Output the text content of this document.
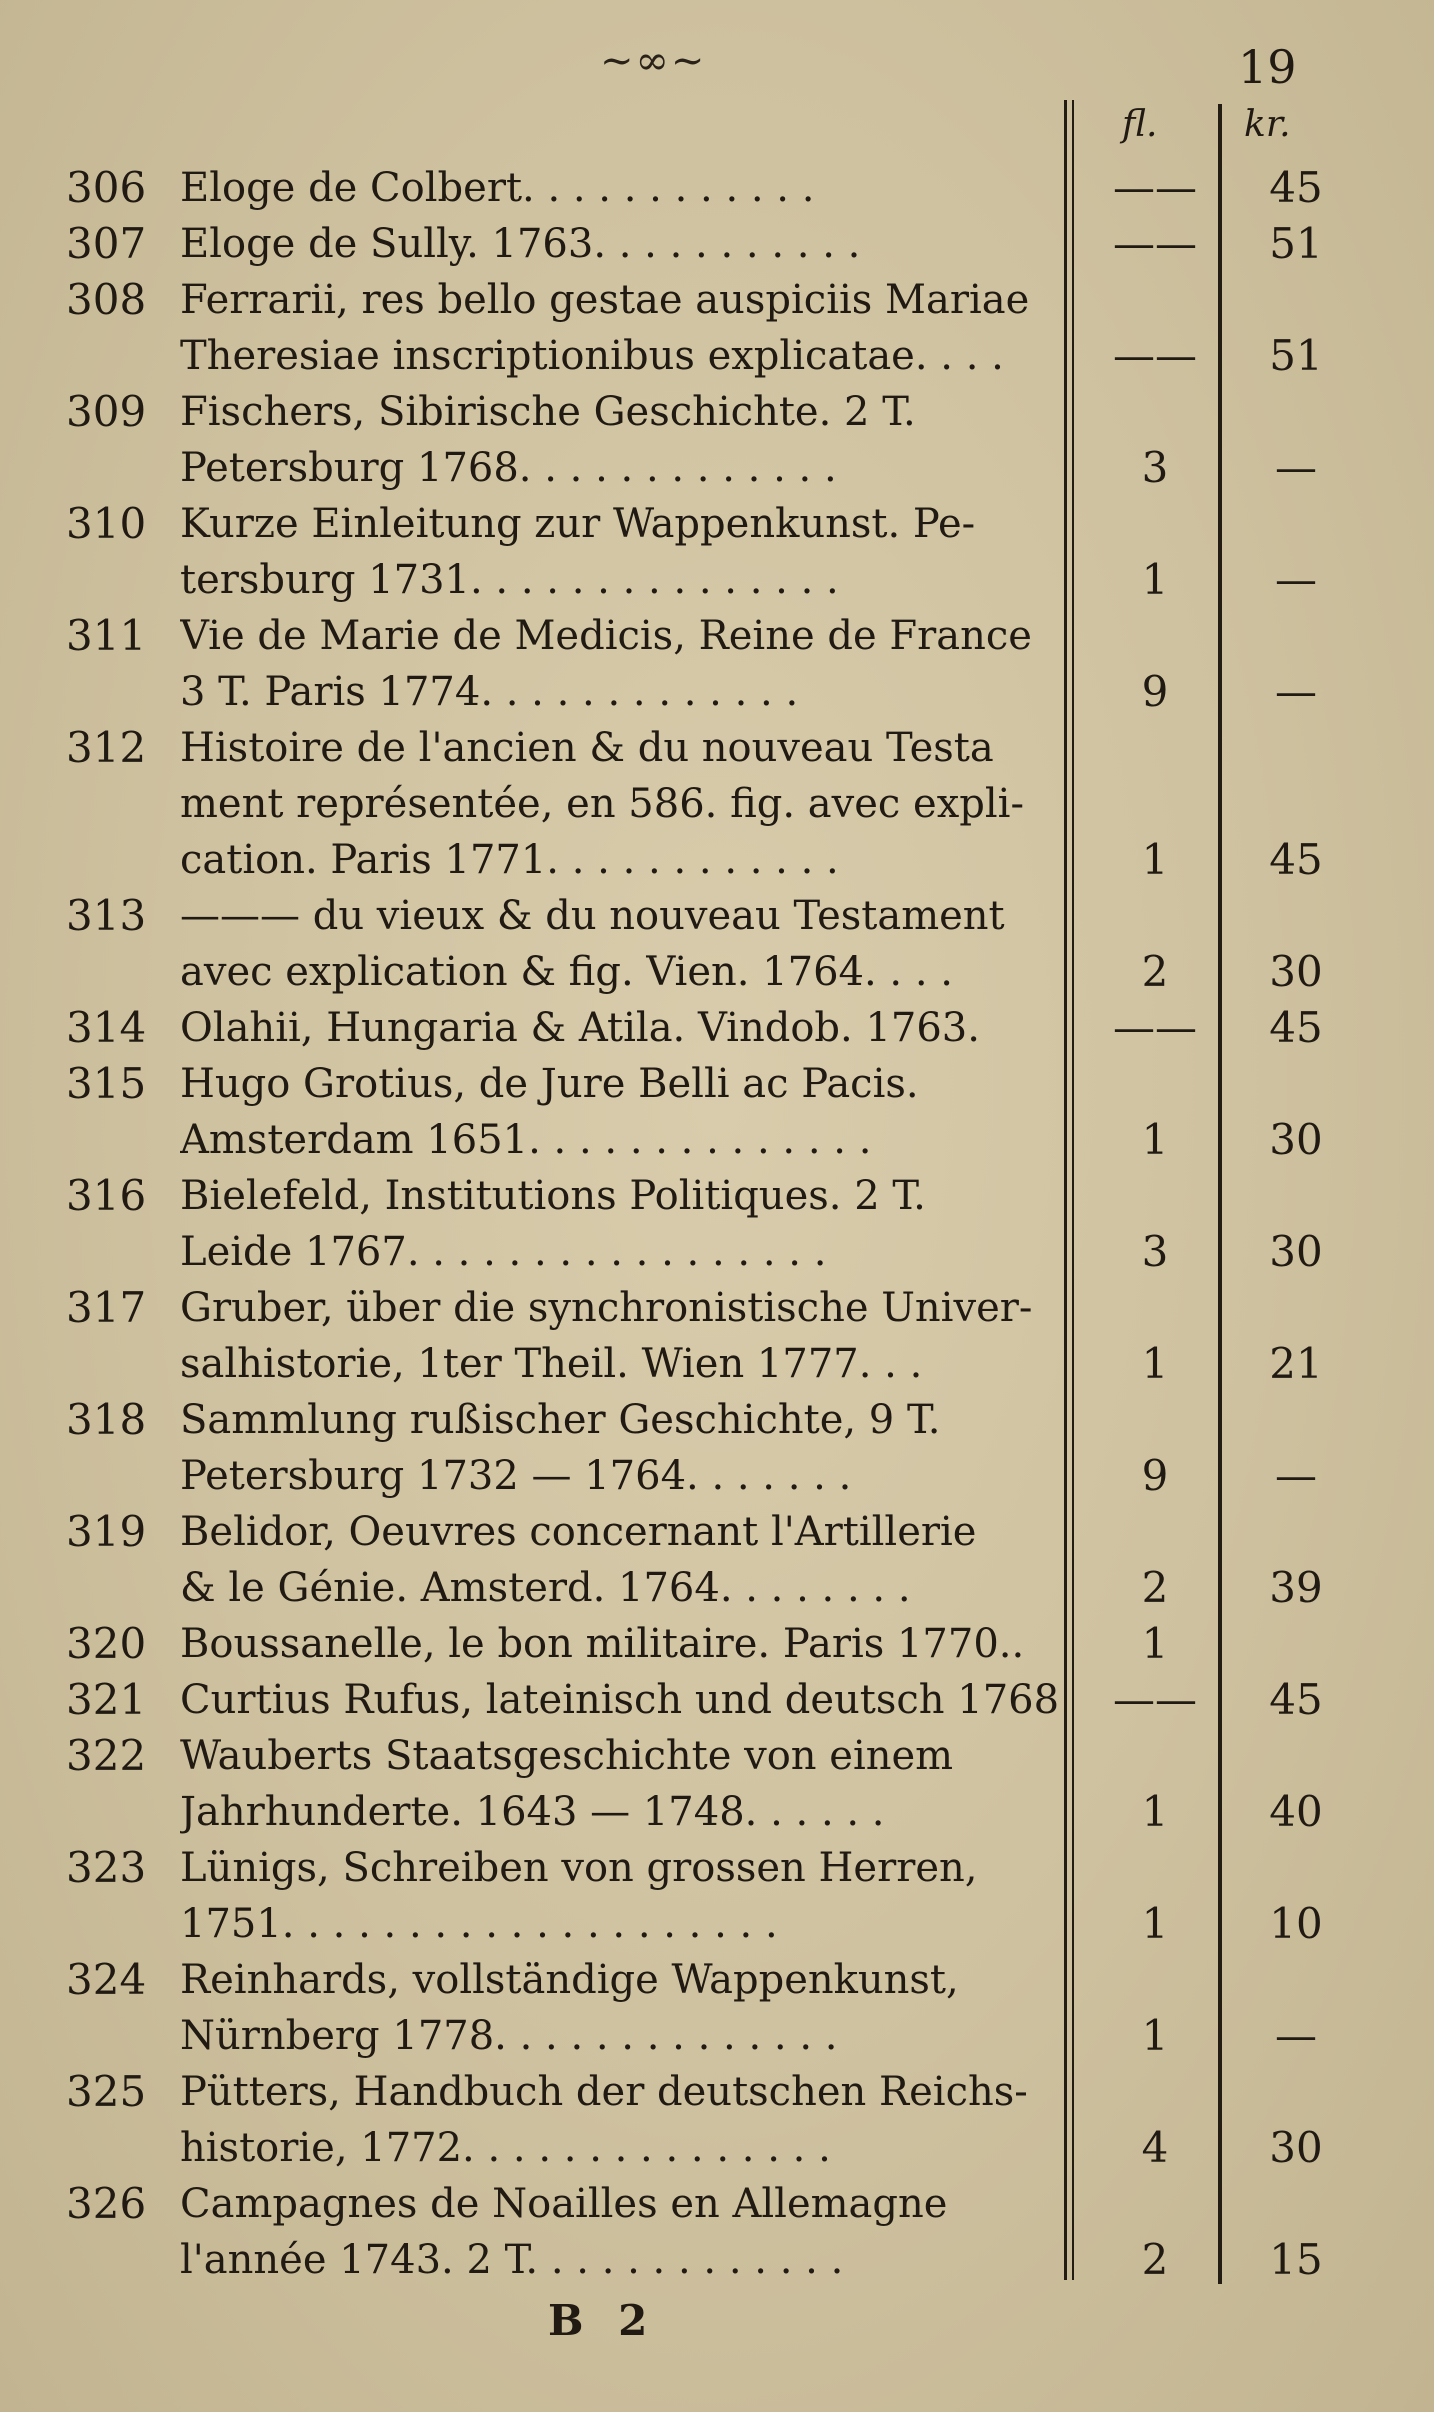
~∞~	19
fl. kr.
306 Eloge de Colbert. . . . . . . . . . . .	——	45
307 Eloge de Sully. 1763. . . . . . . . . . .	——	51
308 Ferrarii, res bello gestae auspiciis Mariae
Theresiae inscriptionibus explicatae. . . .	——	51
309 Fischers, Sibirische Geschichte. 2 T.
Petersburg 1768. . . . . . . . . . . . .	3	—
310 Kurze Einleitung zur Wappenkunst. Pe-
tersburg 1731. . . . . . . . . . . . . . .	1	—
311 Vie de Marie de Medicis, Reine de France
3 T. Paris 1774. . . . . . . . . . . . .	9	—
312 Histoire de l'ancien & du nouveau Testa
ment représentée, en 586. fig. avec expli-
cation. Paris 1771. . . . . . . . . . . .	1	45
313 ——— du vieux & du nouveau Testament
avec explication & fig. Vien. 1764. . . .	2	30
314 Olahii, Hungaria & Atila. Vindob. 1763.	——	45
315 Hugo Grotius, de Jure Belli ac Pacis.
Amsterdam 1651. . . . . . . . . . . . . .	1	30
316 Bielefeld, Institutions Politiques. 2 T.
Leide 1767. . . . . . . . . . . . . . . . .	3	30
317 Gruber, über die synchronistische Univer-
salhistorie, 1ter Theil. Wien 1777. . .	1	21
318 Sammlung rußischer Geschichte, 9 T.
Petersburg 1732 — 1764. . . . . . .	9	—
319 Belidor, Oeuvres concernant l'Artillerie
& le Génie. Amsterd. 1764. . . . . . . .	2	39
320 Boussanelle, le bon militaire. Paris 1770..	1
321 Curtius Rufus, lateinisch und deutsch 1768	——	45
322 Wauberts Staatsgeschichte von einem
Jahrhunderte. 1643 — 1748. . . . . .	1	40
323 Lünigs, Schreiben von grossen Herren,
1751. . . . . . . . . . . . . . . . . . . .	1	10
324 Reinhards, vollständige Wappenkunst,
Nürnberg 1778. . . . . . . . . . . . . .	1	—
325 Pütters, Handbuch der deutschen Reichs-
historie, 1772. . . . . . . . . . . . . . .	4	30
326 Campagnes de Noailles en Allemagne
l'année 1743. 2 T. . . . . . . . . . . . .	2	15
B 2
